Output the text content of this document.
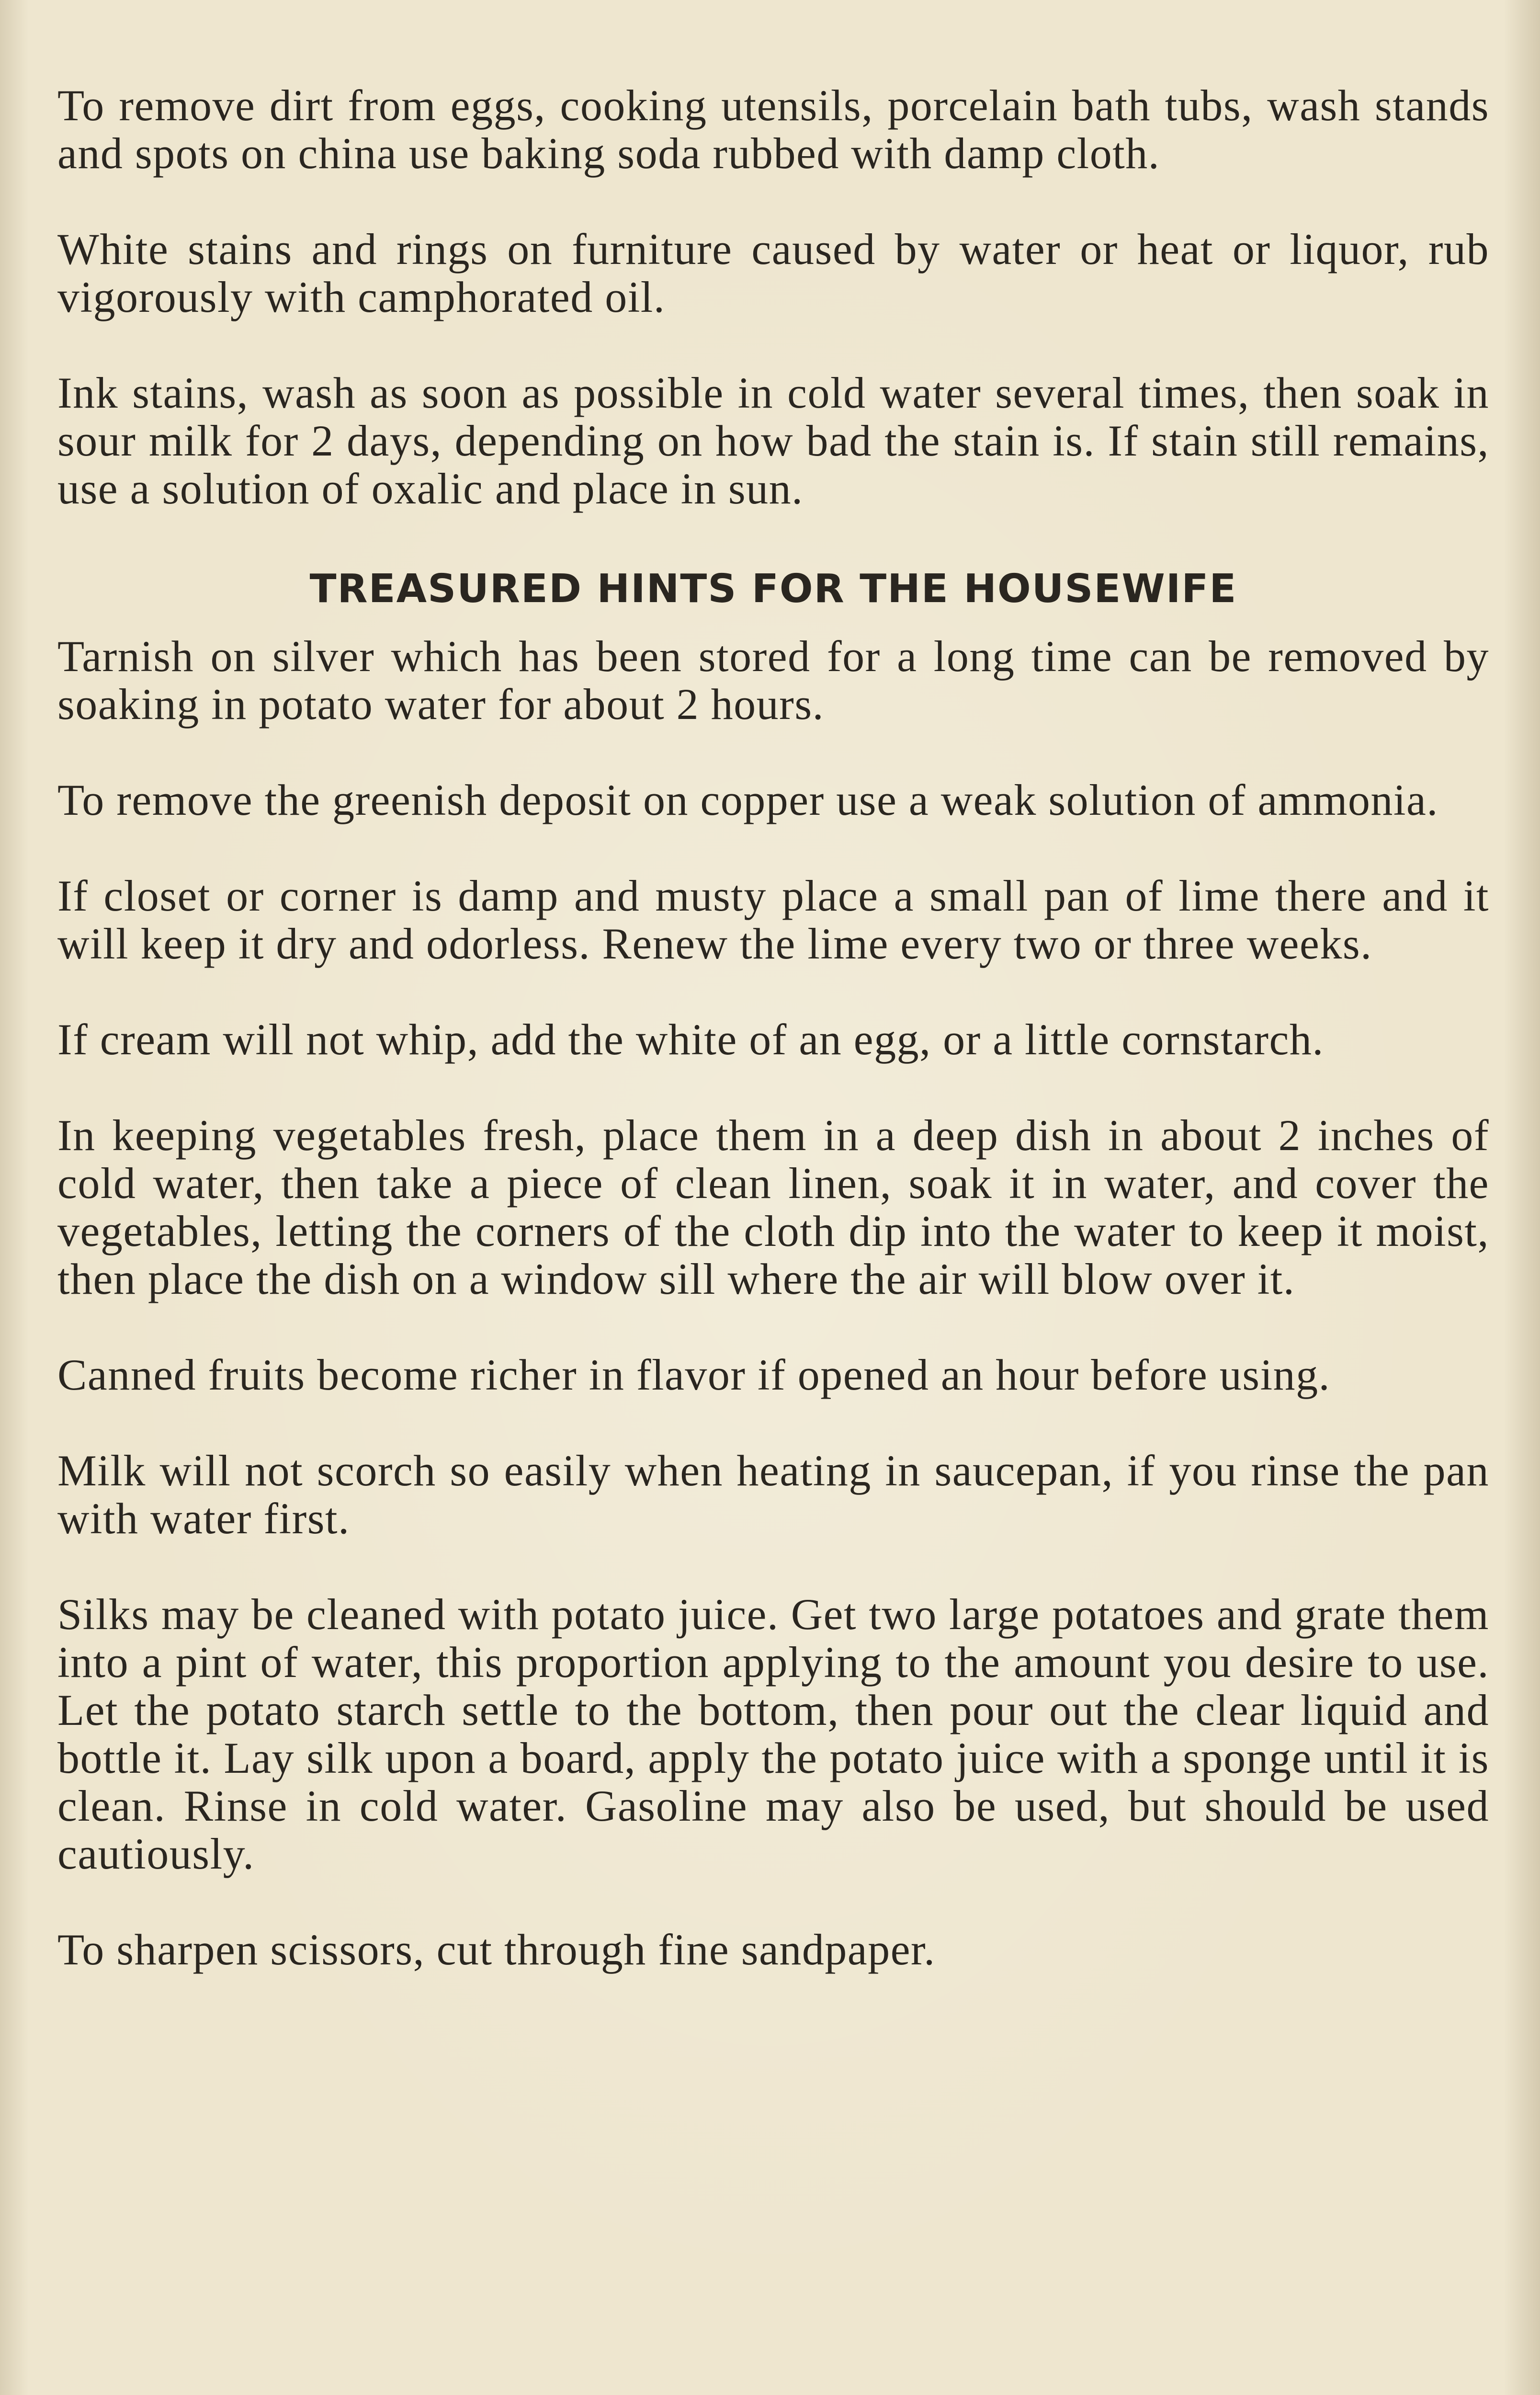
To remove dirt from eggs, cooking utensils, porcelain bath tubs, wash stands and spots on china use baking soda rubbed with damp cloth.

White stains and rings on furniture caused by water or heat or liquor, rub vigorously with camphorated oil.

Ink stains, wash as soon as possible in cold water several times, then soak in sour milk for 2 days, depending on how bad the stain is. If stain still remains, use a solution of oxalic and place in sun.

TREASURED HINTS FOR THE HOUSEWIFE

Tarnish on silver which has been stored for a long time can be removed by soaking in potato water for about 2 hours.

To remove the greenish deposit on copper use a weak solution of ammonia.

If closet or corner is damp and musty place a small pan of lime there and it will keep it dry and odorless. Renew the lime every two or three weeks.

If cream will not whip, add the white of an egg, or a little cornstarch.

In keeping vegetables fresh, place them in a deep dish in about 2 inches of cold water, then take a piece of clean linen, soak it in water, and cover the vegetables, letting the corners of the cloth dip into the water to keep it moist, then place the dish on a window sill where the air will blow over it.

Canned fruits become richer in flavor if opened an hour before using.

Milk will not scorch so easily when heating in saucepan, if you rinse the pan with water first.

Silks may be cleaned with potato juice. Get two large potatoes and grate them into a pint of water, this proportion applying to the amount you desire to use. Let the potato starch settle to the bottom, then pour out the clear liquid and bottle it. Lay silk upon a board, apply the potato juice with a sponge until it is clean. Rinse in cold water. Gasoline may also be used, but should be used cautiously.

To sharpen scissors, cut through fine sandpaper.
